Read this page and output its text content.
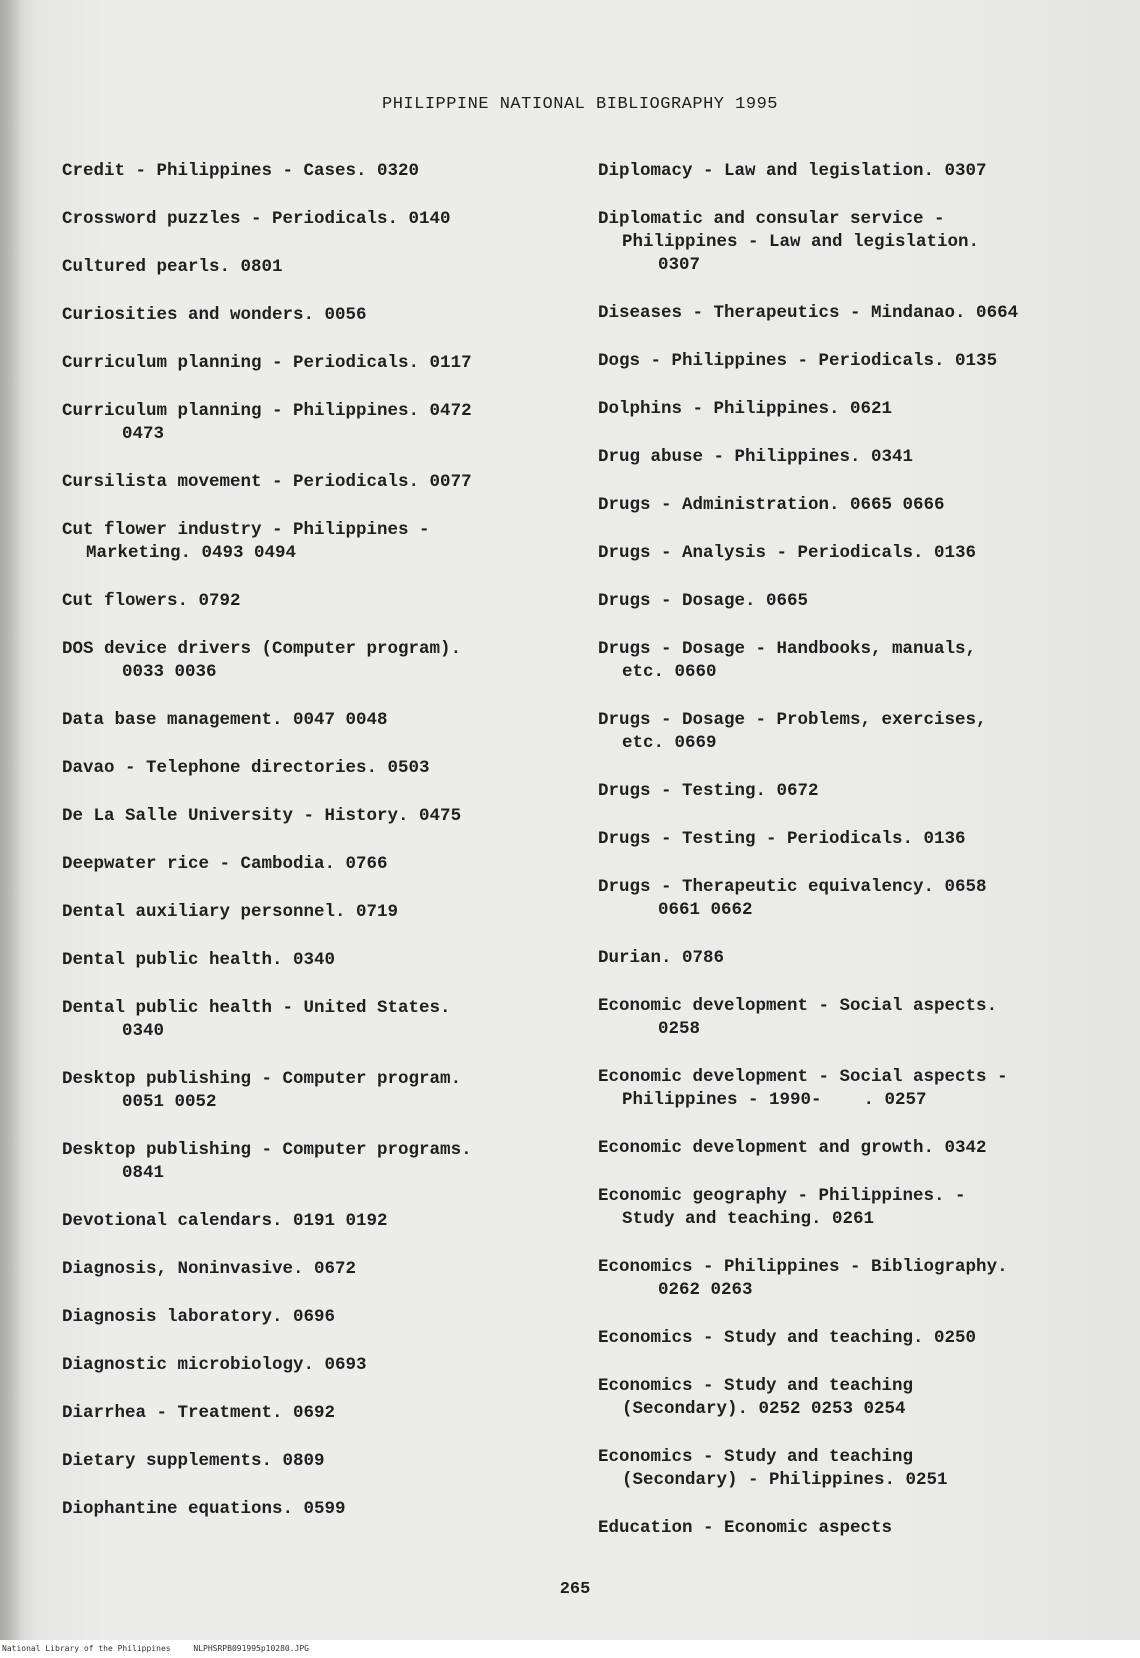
PHILIPPINE NATIONAL BIBLIOGRAPHY 1995
Credit - Philippines - Cases. 0320
Crossword puzzles - Periodicals. 0140
Cultured pearls. 0801
Curiosities and wonders. 0056
Curriculum planning - Periodicals. 0117
Curriculum planning - Philippines. 0472
0473
Cursilista movement - Periodicals. 0077
Cut flower industry - Philippines -
Marketing. 0493 0494
Cut flowers. 0792
DOS device drivers (Computer program).
0033 0036
Data base management. 0047 0048
Davao - Telephone directories. 0503
De La Salle University - History. 0475
Deepwater rice - Cambodia. 0766
Dental auxiliary personnel. 0719
Dental public health. 0340
Dental public health - United States.
0340
Desktop publishing - Computer program.
0051 0052
Desktop publishing - Computer programs.
0841
Devotional calendars. 0191 0192
Diagnosis, Noninvasive. 0672
Diagnosis laboratory. 0696
Diagnostic microbiology. 0693
Diarrhea - Treatment. 0692
Dietary supplements. 0809
Diophantine equations. 0599
Diplomacy - Law and legislation. 0307
Diplomatic and consular service -
Philippines - Law and legislation.
0307
Diseases - Therapeutics - Mindanao. 0664
Dogs - Philippines - Periodicals. 0135
Dolphins - Philippines. 0621
Drug abuse - Philippines. 0341
Drugs - Administration. 0665 0666
Drugs - Analysis - Periodicals. 0136
Drugs - Dosage. 0665
Drugs - Dosage - Handbooks, manuals,
etc. 0660
Drugs - Dosage - Problems, exercises,
etc. 0669
Drugs - Testing. 0672
Drugs - Testing - Periodicals. 0136
Drugs - Therapeutic equivalency. 0658
0661 0662
Durian. 0786
Economic development - Social aspects.
0258
Economic development - Social aspects -
Philippines - 1990-    . 0257
Economic development and growth. 0342
Economic geography - Philippines. -
Study and teaching. 0261
Economics - Philippines - Bibliography.
0262 0263
Economics - Study and teaching. 0250
Economics - Study and teaching
(Secondary). 0252 0253 0254
Economics - Study and teaching
(Secondary) - Philippines. 0251
Education - Economic aspects
265
National Library of the Philippines	NLPHSRPB091995p10280.JPG
